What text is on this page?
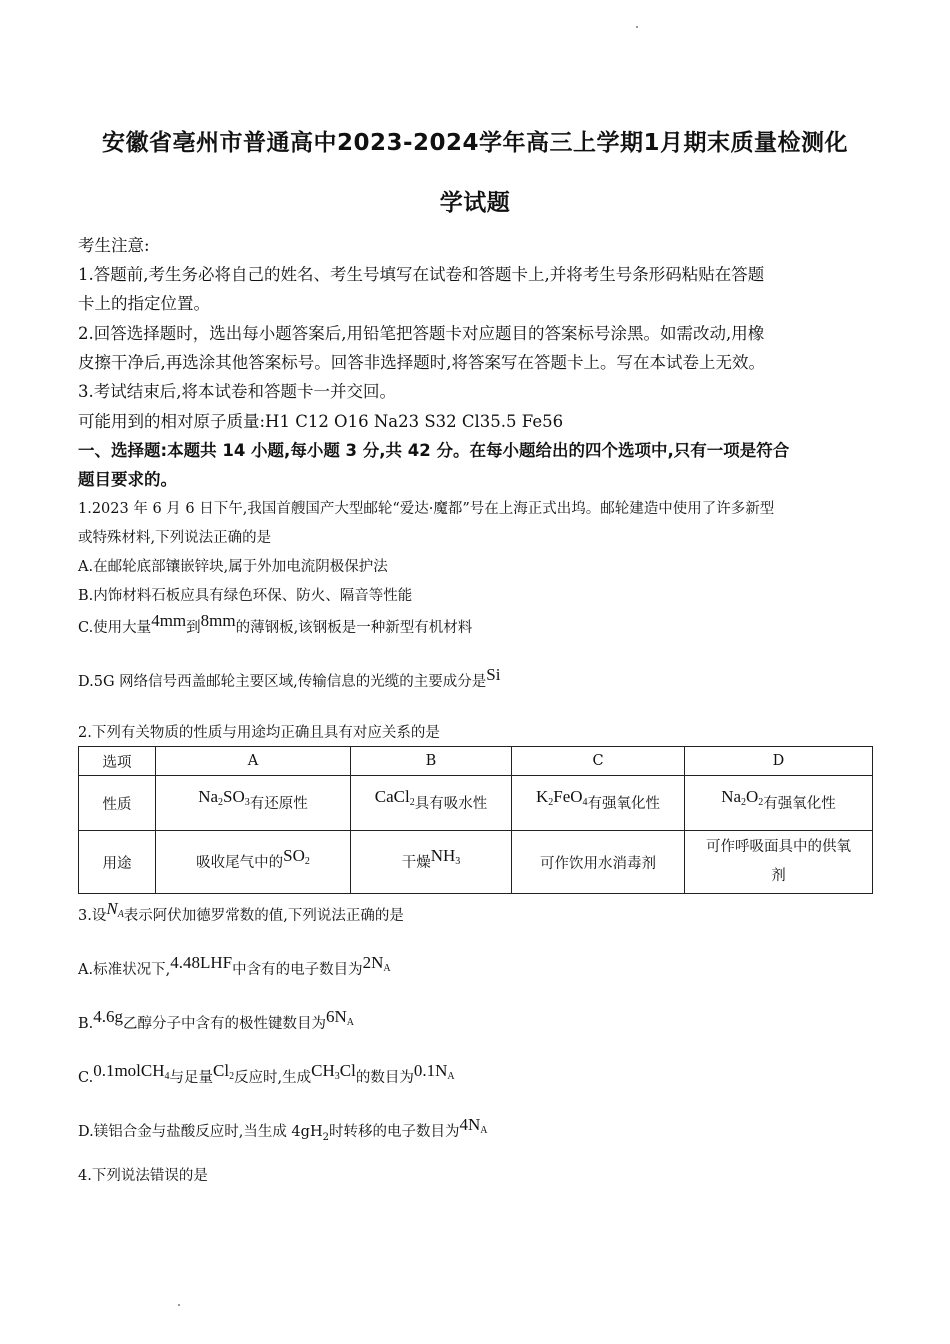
安徽省亳州市普通高中2023-2024学年高三上学期1月期末质量检测化
学试题
考生注意:
1.答题前,考生务必将自己的姓名、考生号填写在试卷和答题卡上,并将考生号条形码粘贴在答题
卡上的指定位置。
2.回答选择题时，选出每小题答案后,用铅笔把答题卡对应题目的答案标号涂黑。如需改动,用橡
皮擦干净后,再选涂其他答案标号。回答非选择题时,将答案写在答题卡上。写在本试卷上无效。
3.考试结束后,将本试卷和答题卡一并交回。
可能用到的相对原子质量:H1 C12 O16 Na23 S32 Cl35.5 Fe56
一、选择题:本题共 14 小题,每小题 3 分,共 42 分。在每小题给出的四个选项中,只有一项是符合
题目要求的。
1.2023 年 6 月 6 日下午,我国首艘国产大型邮轮“爱达·魔都”号在上海正式出坞。邮轮建造中使用了许多新型
或特殊材料,下列说法正确的是
A.在邮轮底部镶嵌锌块,属于外加电流阴极保护法
B.内饰材料石板应具有绿色环保、防火、隔音等性能
C.使用大量4mm到8mm的薄钢板,该钢板是一种新型有机材料
D.5G 网络信号西盖邮轮主要区域,传输信息的光缆的主要成分是Si
2.下列有关物质的性质与用途均正确且具有对应关系的是
选项	A	B	C	D
性质	$Na_2SO_3$有还原性	CaCl$_2$具有吸水性	$K_2FeO_4$有强氧化性	$Na_2O_2$有强氧化性
用途	吸收尾气中的$SO_2$	干燥$NH_3$	可作饮用水消毒剂	可作呼吸面具中的供氧
剂
3.设$N_A$表示阿伏加德罗常数的值,下列说法正确的是
A.标准状况下,4.48LHF中含有的电子数目为$2N_A$
B.4.6g乙醇分子中含有的极性键数目为$6N_A$
C.0.1molCH$_4$与足量$Cl_2$反应时,生成$CH_3Cl$的数目为$0.1N_A$
D.镁铝合金与盐酸反应时,当生成 $4gH_2$时转移的电子数目为$4N_A$
4.下列说法错误的是
